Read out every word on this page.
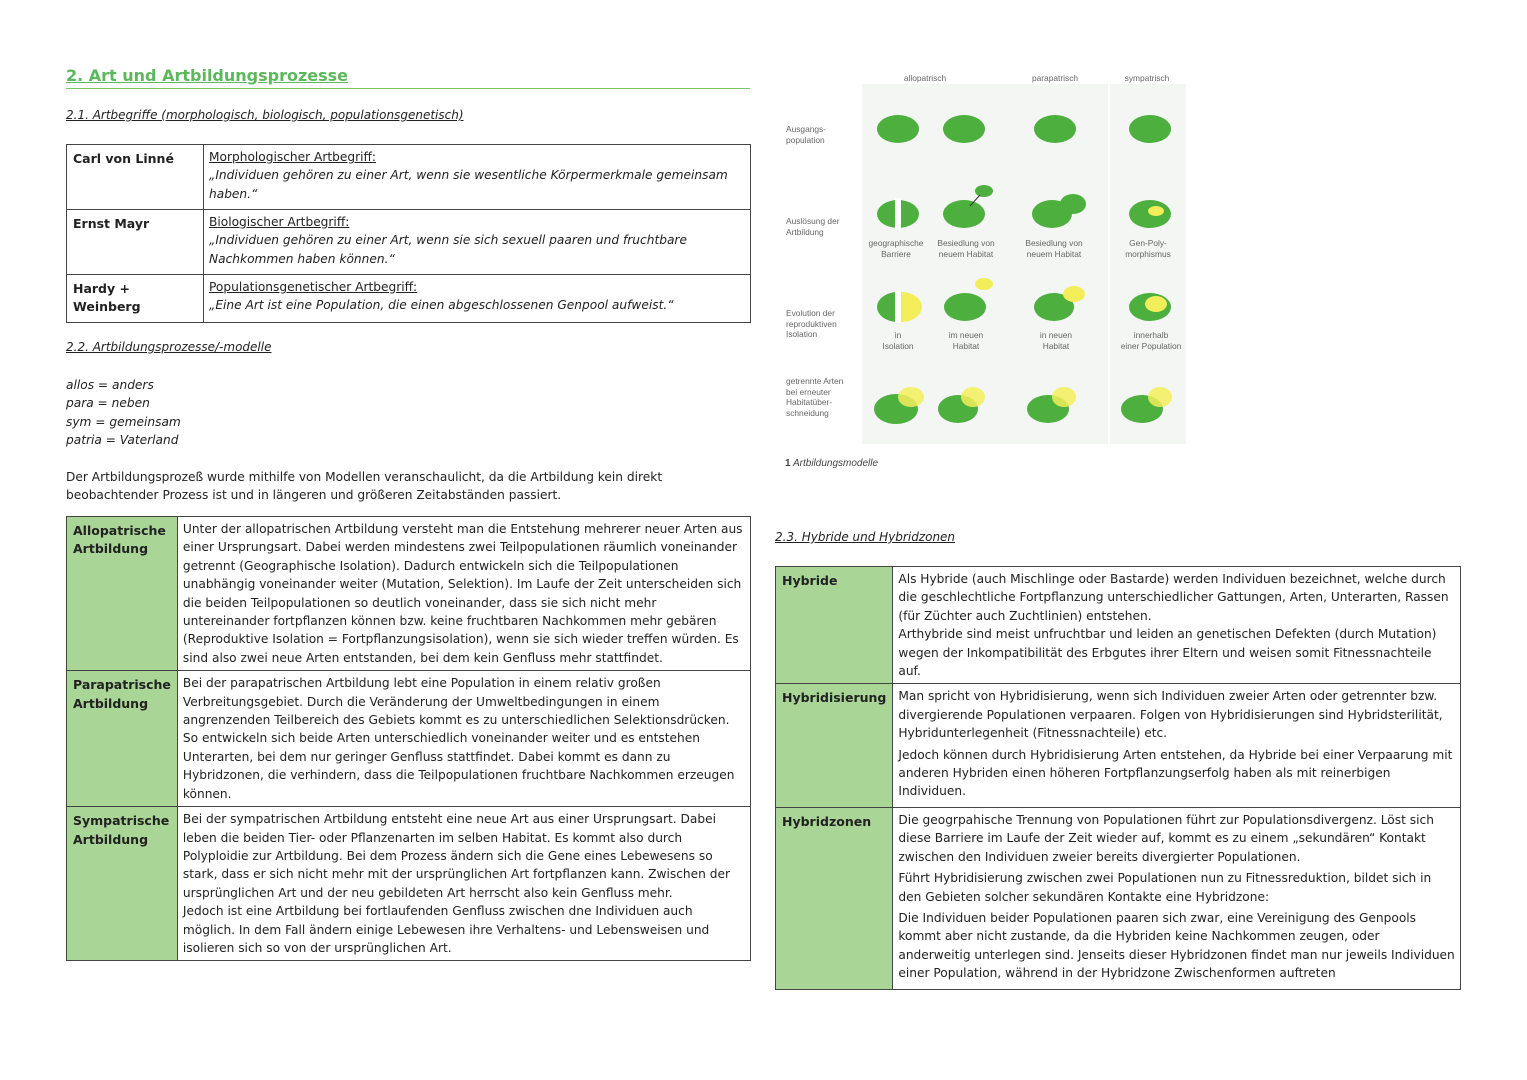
2. Art und Artbildungsprozesse
2.1. Artbegriffe (morphologisch, biologisch, populationsgenetisch)
Carl von Linné	Morphologischer Artbegriff:
„Individuen gehören zu einer Art, wenn sie wesentliche Körpermerkmale gemeinsam haben.“

Ernst Mayr	Biologischer Artbegriff:
„Individuen gehören zu einer Art, wenn sie sich sexuell paaren und fruchtbare Nachkommen haben können.“

Hardy + Weinberg	Populationsgenetischer Artbegriff:
„Eine Art ist eine Population, die einen abgeschlossenen Genpool aufweist.“
2.2. Artbildungsprozesse/-modelle
allos = anders
para = neben
sym = gemeinsam
patria = Vaterland
Der Artbildungsprozeß wurde mithilfe von Modellen veranschaulicht, da die Artbildung kein direkt beobachtender Prozess ist und in längeren und größeren Zeitabständen passiert.
Allopatrische Artbildung	Unter der allopatrischen Artbildung versteht man die Entstehung mehrerer neuer Arten aus einer Ursprungsart. Dabei werden mindestens zwei Teilpopulationen räumlich voneinander getrennt (Geographische Isolation). Dadurch entwickeln sich die Teilpopulationen unabhängig voneinander weiter (Mutation, Selektion). Im Laufe der Zeit unterscheiden sich die beiden Teilpopulationen so deutlich voneinander, dass sie sich nicht mehr untereinander fortpflanzen können bzw. keine fruchtbaren Nachkommen mehr gebären (Reproduktive Isolation = Fortpflanzungsisolation), wenn sie sich wieder treffen würden. Es sind also zwei neue Arten entstanden, bei dem kein Genfluss mehr stattfindet.
Parapatrische Artbildung	Bei der parapatrischen Artbildung lebt eine Population in einem relativ großen Verbreitungsgebiet. Durch die Veränderung der Umweltbedingungen in einem angrenzenden Teilbereich des Gebiets kommt es zu unterschiedlichen Selektionsdrücken. So entwickeln sich beide Arten unterschiedlich voneinander weiter und es entstehen Unterarten, bei dem nur geringer Genfluss stattfindet. Dabei kommt es dann zu Hybridzonen, die verhindern, dass die Teilpopulationen fruchtbare Nachkommen erzeugen können.
Sympatrische Artbildung	Bei der sympatrischen Artbildung entsteht eine neue Art aus einer Ursprungsart. Dabei leben die beiden Tier- oder Pflanzenarten im selben Habitat. Es kommt also durch Polyploidie zur Artbildung. Bei dem Prozess ändern sich die Gene eines Lebewesens so stark, dass er sich nicht mehr mit der ursprünglichen Art fortpflanzen kann. Zwischen der ursprünglichen Art und der neu gebildeten Art herrscht also kein Genfluss mehr.
Jedoch ist eine Artbildung bei fortlaufenden Genfluss zwischen dne Individuen auch möglich. In dem Fall ändern einige Lebewesen ihre Verhaltens- und Lebensweisen und isolieren sich so von der ursprünglichen Art.
allopatrisch	parapatrisch	sympatrisch
Ausgangs-
population
Auslösung der
Artbildung
Evolution der
reproduktiven
Isolation
getrennte Arten
bei erneuter
Habitatüber-
schneidung
geographische
Barriere
Besiedlung von
neuem Habitat
Besiedlung von
neuem Habitat
Gen-Poly-
morphismus
in
Isolation
im neuen
Habitat
in neuen
Habitat
innerhalb
einer Population
1 Artbildungsmodelle
2.3. Hybride und Hybridzonen
Hybride	Als Hybride (auch Mischlinge oder Bastarde) werden Individuen bezeichnet, welche durch die geschlechtliche Fortpflanzung unterschiedlicher Gattungen, Arten, Unterarten, Rassen (für Züchter auch Zuchtlinien) entstehen.
Arthybride sind meist unfruchtbar und leiden an genetischen Defekten (durch Mutation) wegen der Inkompatibilität des Erbgutes ihrer Eltern und weisen somit Fitnessnachteile auf.

Hybridisierung	Man spricht von Hybridisierung, wenn sich Individuen zweier Arten oder getrennter bzw. divergierende Populationen verpaaren. Folgen von Hybridisierungen sind Hybridsterilität, Hybridunterlegenheit (Fitnessnachteile) etc.

Jedoch können durch Hybridisierung Arten entstehen, da Hybride bei einer Verpaarung mit anderen Hybriden einen höheren Fortpflanzungserfolg haben als mit reinerbigen Individuen.

Hybridzonen	Die geogrpahische Trennung von Populationen führt zur Populationsdivergenz. Löst sich diese Barriere im Laufe der Zeit wieder auf, kommt es zu einem „sekundären“ Kontakt zwischen den Individuen zweier bereits divergierter Populationen.

Führt Hybridisierung zwischen zwei Populationen nun zu Fitnessreduktion, bildet sich in den Gebieten solcher sekundären Kontakte eine Hybridzone:

Die Individuen beider Populationen paaren sich zwar, eine Vereinigung des Genpools kommt aber nicht zustande, da die Hybriden keine Nachkommen zeugen, oder anderweitig unterlegen sind. Jenseits dieser Hybridzonen findet man nur jeweils Individuen einer Population, während in der Hybridzone Zwischenformen auftreten
